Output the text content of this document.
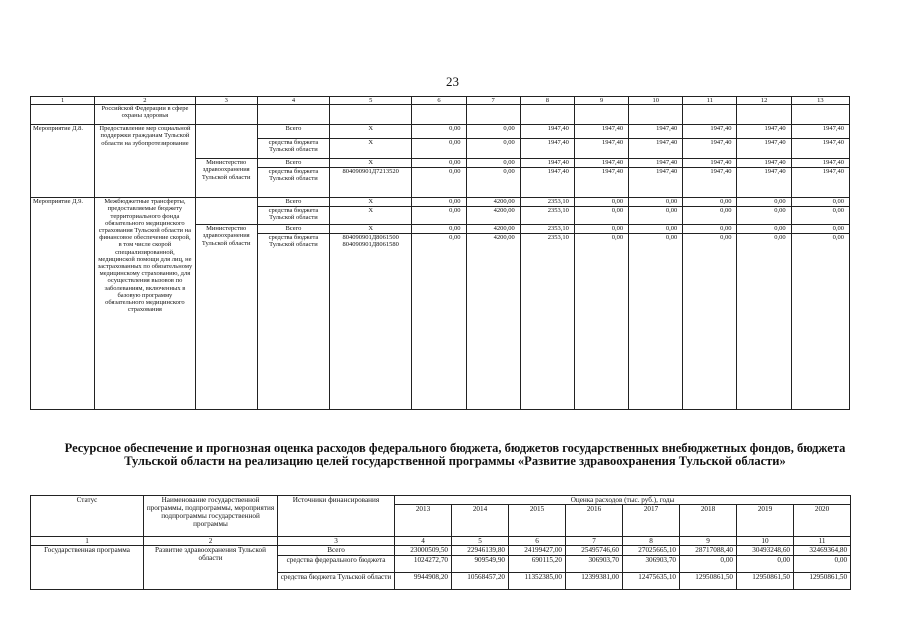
23
1	2	3	4	5	6	7	8	9	10	11	12	13
	Российской Федерации в сфере охраны здоровья											
Мероприятие Д.8.	Предоставление мер социальной поддержки гражданам Тульской области на зубопротезирование		Всего	Х	0,00	0,00	1947,40	1947,40	1947,40	1947,40	1947,40	1947,40
			средства бюджета Тульской области	Х	0,00	0,00	1947,40	1947,40	1947,40	1947,40	1947,40	1947,40
		Министерство здравоохранения Тульской области	Всего	Х	0,00	0,00	1947,40	1947,40	1947,40	1947,40	1947,40	1947,40
			средства бюджета Тульской области	804090901Д7213520	0,00	0,00	1947,40	1947,40	1947,40	1947,40	1947,40	1947,40
Мероприятие Д.9.	Межбюджетные трансферты, предоставляемые бюджету территориального фонда обязательного медицинского страхования Тульской области на финансовое обеспечение скорой, в том числе скорой специализированной, медицинской помощи для лиц, не застрахованных по обязательному медицинскому страхованию, для осуществления вызовов по заболеваниям, включенных в базовую программу обязательного медицинского страхования		Всего	Х	0,00	4200,00	2353,10	0,00	0,00	0,00	0,00	0,00
			средства бюджета Тульской области	Х	0,00	4200,00	2353,10	0,00	0,00	0,00	0,00	0,00
		Министерство здравоохранения Тульской области	Всего	Х	0,00	4200,00	2353,10	0,00	0,00	0,00	0,00	0,00
			средства бюджета Тульской области	804090901Д8061500 804090901Д8061580	0,00	4200,00	2353,10	0,00	0,00	0,00	0,00	0,00
Ресурсное обеспечение и прогнозная оценка расходов федерального бюджета, бюджетов государственных внебюджетных фондов, бюджета Тульской области на реализацию целей государственной программы «Развитие здравоохранения Тульской области»
Статус	Наименование государственной программы, подпрограммы, мероприятия подпрограммы государственной программы	Источники финансирования	Оценка расходов (тыс. руб.), годы							
			2013	2014	2015	2016	2017	2018	2019	2020
1	2	3	4	5	6	7	8	9	10	11
Государственная программа	Развитие здравоохранения Тульской области	Всего	23000509,50	22946139,80	24199427,00	25495746,60	27025665,10	28717088,40	30493248,60	32469364,80
		средства федерального бюджета	1024272,70	909549,90	690115,20	306903,70	306903,70	0,00	0,00	0,00
		средства бюджета Тульской области	9944908,20	10568457,20	11352385,00	12399381,00	12475635,10	12950861,50	12950861,50	12950861,50
